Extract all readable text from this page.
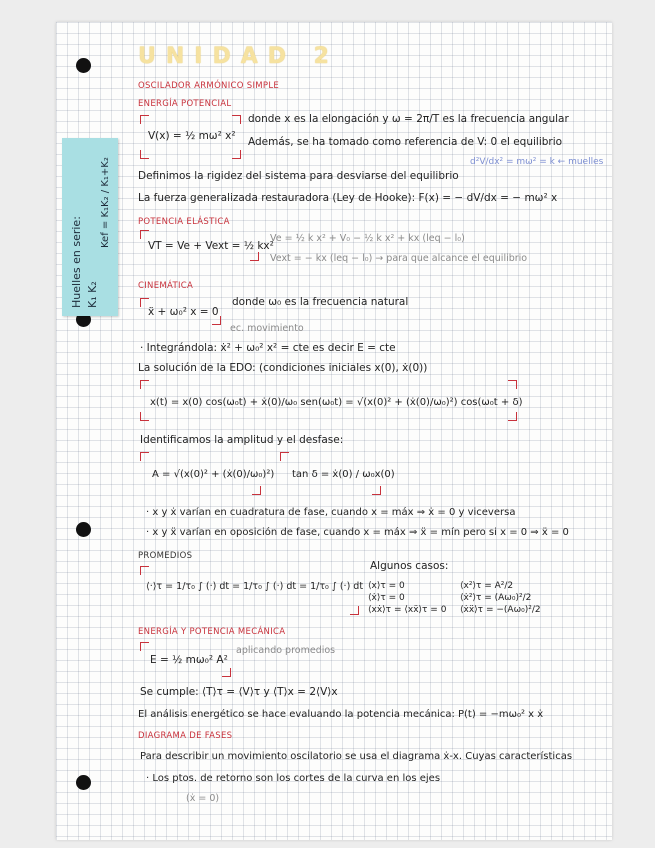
Huelles en serie: K₁ K₂
Kef = K₁K₂ / K₁+K₂
UNIDAD 2
OSCILADOR ARMÓNICO SIMPLE
ENERGÍA POTENCIAL
V(x) = ½ mω² x²
donde x es la elongación y ω = 2π/T es la frecuencia angular
Además, se ha tomado como referencia de V: 0 el equilibrio
Definimos la rigidez del sistema para desviarse del equilibrio
d²V/dx² = mω² = k ← muelles
La fuerza generalizada restauradora (Ley de Hooke): F(x) = − dV/dx = − mω² x
POTENCIA ELÁSTICA
VT = Ve + Vext = ½ kx²
Ve = ½ k x² + V₀ − ½ k x² + kx (leq − l₀)
Vext = − kx (leq − l₀) → para que alcance el equilibrio
CINEMÁTICA
ẍ + ω₀² x = 0
donde ω₀ es la frecuencia natural
ec. movimiento
· Integrándola: ẋ² + ω₀² x² = cte es decir E = cte
La solución de la EDO: (condiciones iniciales x(0), ẋ(0))
x(t) = x(0) cos(ω₀t) + ẋ(0)/ω₀ sen(ω₀t) = √(x(0)² + (ẋ(0)/ω₀)²) cos(ω₀t + δ)
Identificamos la amplitud y el desfase:
A = √(x(0)² + (ẋ(0)/ω₀)²) tan δ = ẋ(0) / ω₀x(0)
· x y ẋ varían en cuadratura de fase, cuando x = máx ⇒ ẋ = 0 y viceversa
· x y ẍ varían en oposición de fase, cuando x = máx ⇒ ẍ = mín pero si x = 0 ⇒ ẍ = 0
PROMEDIOS
⟨·⟩τ = 1/τ₀ ∫ (·) dt = 1/τ₀ ∫ (·) dt = 1/τ₀ ∫ (·) dt
Algunos casos:
⟨x⟩τ = 0
⟨ẋ⟩τ = 0
⟨xẋ⟩τ = ⟨xẍ⟩τ = 0
⟨x²⟩τ = A²/2
⟨ẋ²⟩τ = (Aω₀)²/2
⟨ẋẍ⟩τ = −(Aω₀)²/2
ENERGÍA Y POTENCIA MECÁNICA
E = ½ mω₀² A²
aplicando promedios
Se cumple: ⟨T⟩τ = ⟨V⟩τ y ⟨T⟩x = 2⟨V⟩x
El análisis energético se hace evaluando la potencia mecánica: P(t) = −mω₀² x ẋ
DIAGRAMA DE FASES
Para describir un movimiento oscilatorio se usa el diagrama ẋ-x. Cuyas características
· Los ptos. de retorno son los cortes de la curva en los ejes
(ẋ = 0)
